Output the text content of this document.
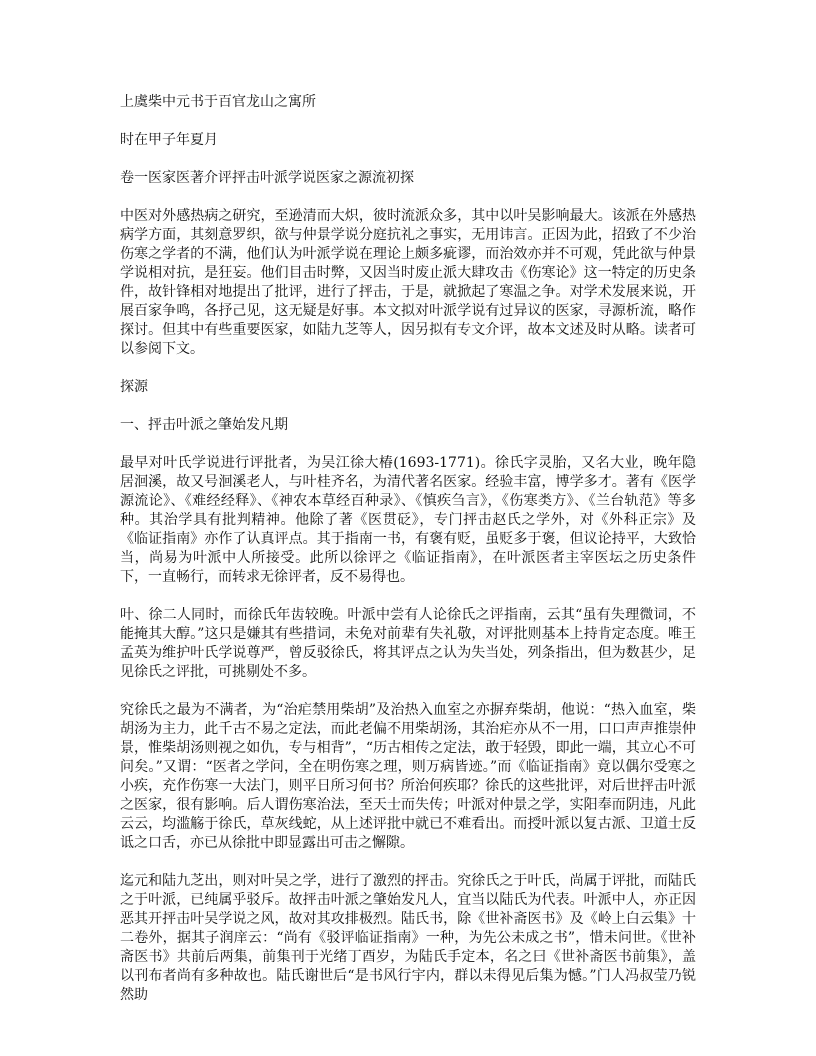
上虞柴中元书于百官龙山之寓所

时在甲子年夏月

卷一医家医著介评抨击叶派学说医家之源流初探

中医对外感热病之研究，至逊清而大炽，彼时流派众多，其中以叶吴影响最大。该派在外感热病学方面，其刻意罗织，欲与仲景学说分庭抗礼之事实，无用讳言。正因为此，招致了不少治伤寒之学者的不满，他们认为叶派学说在理论上颇多疵谬，而治效亦并不可观，凭此欲与仲景学说相对抗，是狂妄。他们目击时弊，又因当时废止派大肆攻击《伤寒论》这一特定的历史条件，故针锋相对地提出了批评，进行了抨击，于是，就掀起了寒温之争。对学术发展来说，开展百家争鸣，各抒己见，这无疑是好事。本文拟对叶派学说有过异议的医家，寻源析流，略作探讨。但其中有些重要医家，如陆九芝等人，因另拟有专文介评，故本文述及时从略。读者可以参阅下文。

探源

一、抨击叶派之肇始发凡期

最早对叶氏学说进行评批者，为吴江徐大椿(1693-1771)。徐氏字灵胎，又名大业，晚年隐居洄溪，故又号洄溪老人，与叶桂齐名，为清代著名医家。经验丰富，博学多才。著有《医学源流论》、《难经经释》、《神农本草经百种录》、《慎疾刍言》，《伤寒类方》、《兰台轨范》等多种。其治学具有批判精神。他除了著《医贯砭》，专门抨击赵氏之学外，对《外科正宗》及《临证指南》亦作了认真评点。其于指南一书，有褒有贬，虽贬多于褒，但议论持平，大致恰当，尚易为叶派中人所接受。此所以徐评之《临证指南》，在叶派医者主宰医坛之历史条件下，一直畅行，而转求无徐评者，反不易得也。

叶、徐二人同时，而徐氏年齿较晚。叶派中尝有人论徐氏之评指南，云其“虽有失理微词，不能掩其大醇。”这只是嫌其有些措词，未免对前辈有失礼敬，对评批则基本上持肯定态度。唯王孟英为维护叶氏学说尊严，曾反驳徐氏，将其评点之认为失当处，列条指出，但为数甚少，足见徐氏之评批，可挑剔处不多。

究徐氏之最为不满者，为“治疟禁用柴胡”及治热入血室之亦摒弃柴胡，他说：“热入血室，柴胡汤为主力，此千古不易之定法，而此老偏不用柴胡汤，其治疟亦从不一用，口口声声推崇仲景，惟柴胡汤则视之如仇，专与相背”，“历古相传之定法，敢于轻毁，即此一端，其立心不可问矣。”又谓：“医者之学问，全在明伤寒之理，则万病皆迹。”而《临证指南》竟以偶尔受寒之小疾，充作伤寒一大法门，则平日所习何书？所治何疾耶？徐氏的这些批评，对后世抨击叶派之医家，很有影响。后人谓伤寒治法，至天士而失传；叶派对仲景之学，实阳奉而阴违，凡此云云，均滥觞于徐氏，草灰线蛇，从上述评批中就已不难看出。而授叶派以复古派、卫道士反诋之口舌，亦已从徐批中即显露出可击之懈隙。

迄元和陆九芝出，则对叶吴之学，进行了激烈的抨击。究徐氏之于叶氏，尚属于评批，而陆氏之于叶派，已纯属乎驳斥。故抨击叶派之肇始发凡人，宜当以陆氏为代表。叶派中人，亦正因恶其开抨击叶吴学说之风，故对其攻排极烈。陆氏书，除《世补斋医书》及《岭上白云集》十二卷外，据其子润庠云：“尚有《驳评临证指南》一种，为先公未成之书”，惜未问世。《世补斋医书》共前后两集，前集刊于光绪丁酉岁，为陆氏手定本，名之曰《世补斋医书前集》，盖以刊布者尚有多种故也。陆氏谢世后“是书风行宇内，群以未得见后集为憾。”门人冯叔莹乃锐然助
